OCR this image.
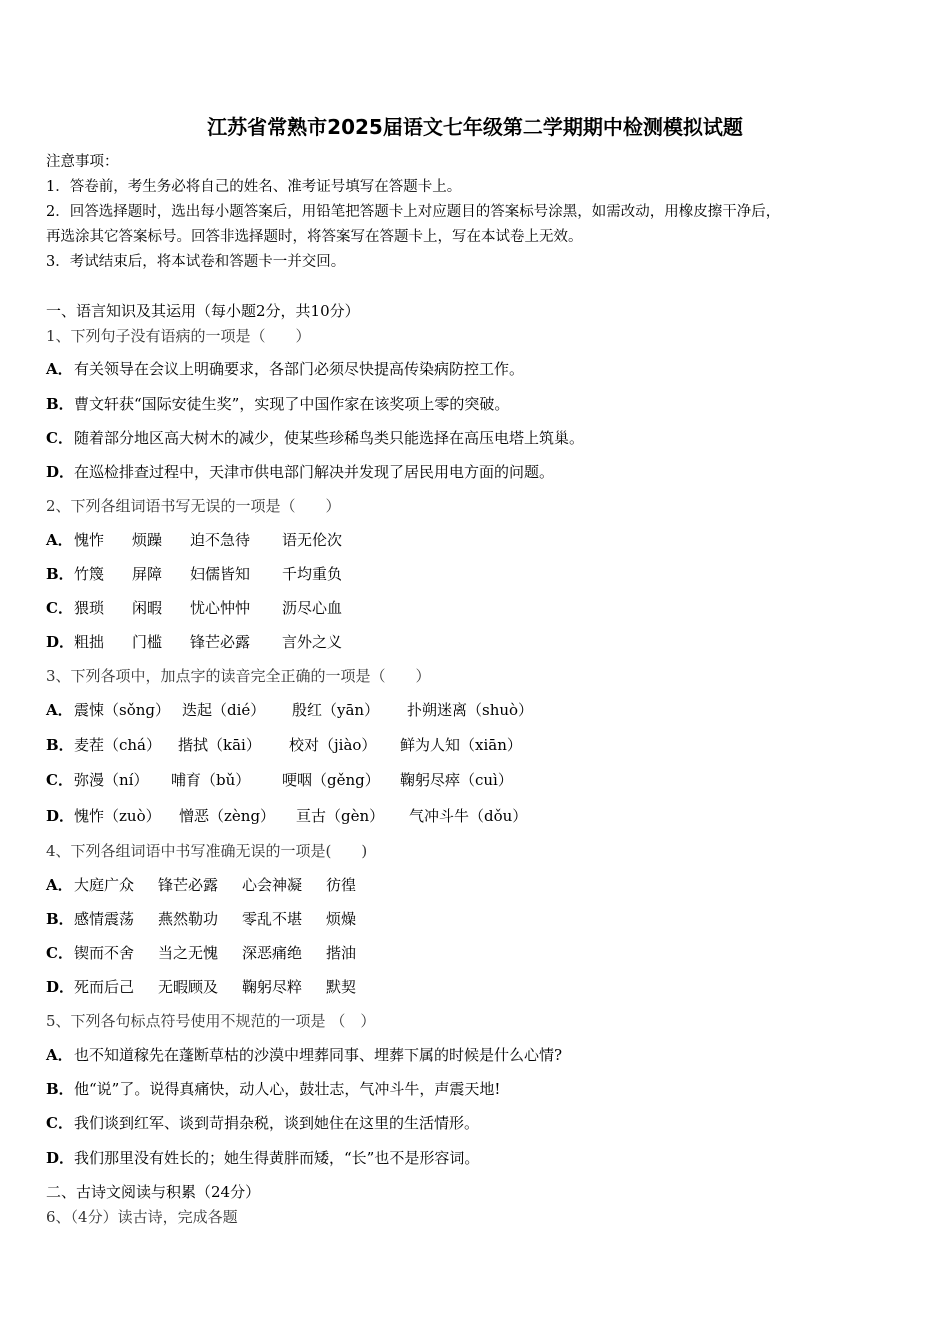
江苏省常熟市2025届语文七年级第二学期期中检测模拟试题
注意事项：
1．答卷前，考生务必将自己的姓名、准考证号填写在答题卡上。
2．回答选择题时，选出每小题答案后，用铅笔把答题卡上对应题目的答案标号涂黑，如需改动，用橡皮擦干净后，
再选涂其它答案标号。回答非选择题时，将答案写在答题卡上，写在本试卷上无效。
3．考试结束后，将本试卷和答题卡一并交回。
一、语言知识及其运用（每小题2分，共10分）
1、下列句子没有语病的一项是（　　）
A．有关领导在会议上明确要求，各部门必须尽快提高传染病防控工作。
B．曹文轩获“国际安徒生奖”，实现了中国作家在该奖项上零的突破。
C．随着部分地区高大树木的减少，使某些珍稀鸟类只能选择在高压电塔上筑巢。
D．在巡检排查过程中，天津市供电部门解决并发现了居民用电方面的问题。
2、下列各组词语书写无误的一项是（　　）
A．愧怍 烦躁 迫不急待 语无伦次
B．竹篾 屏障 妇儒皆知 千均重负
C．猥琐 闲暇 忧心忡忡 沥尽心血
D．粗拙 门槛 锋芒必露 言外之义
3、下列各项中，加点字的读音完全正确的一项是（　　）
A．震悚（sǒnɡ） 迭起（dié） 殷红（yān） 扑朔迷离（shuò）
B．麦茬（chá） 揩拭（kāi） 校对（jiào） 鲜为人知（xiān）
C．弥漫（ní） 哺育（bǔ） 哽咽（gěng） 鞠躬尽瘁（cuì）
D．愧怍（zuò） 憎恶（zèng） 亘古（gèn） 气冲斗牛（dǒu）
4、下列各组词语中书写准确无误的一项是(　　)
A．大庭广众 锋芒必露 心会神凝 彷徨
B．感情震荡 燕然勒功 零乱不堪 烦燥
C．锲而不舍 当之无愧 深恶痛绝 揩油
D．死而后己 无暇顾及 鞠躬尽粹 默契
5、下列各句标点符号使用不规范的一项是 （　）
A．也不知道稼先在蓬断草枯的沙漠中埋葬同事、埋葬下属的时候是什么心情?
B．他“说”了。说得真痛快，动人心，鼓壮志，气冲斗牛，声震天地!
C．我们谈到红军、谈到苛捐杂税，谈到她住在这里的生活情形。
D．我们那里没有姓长的；她生得黄胖而矮，“长”也不是形容词。
二、古诗文阅读与积累（24分）
6、（4分）读古诗，完成各题
